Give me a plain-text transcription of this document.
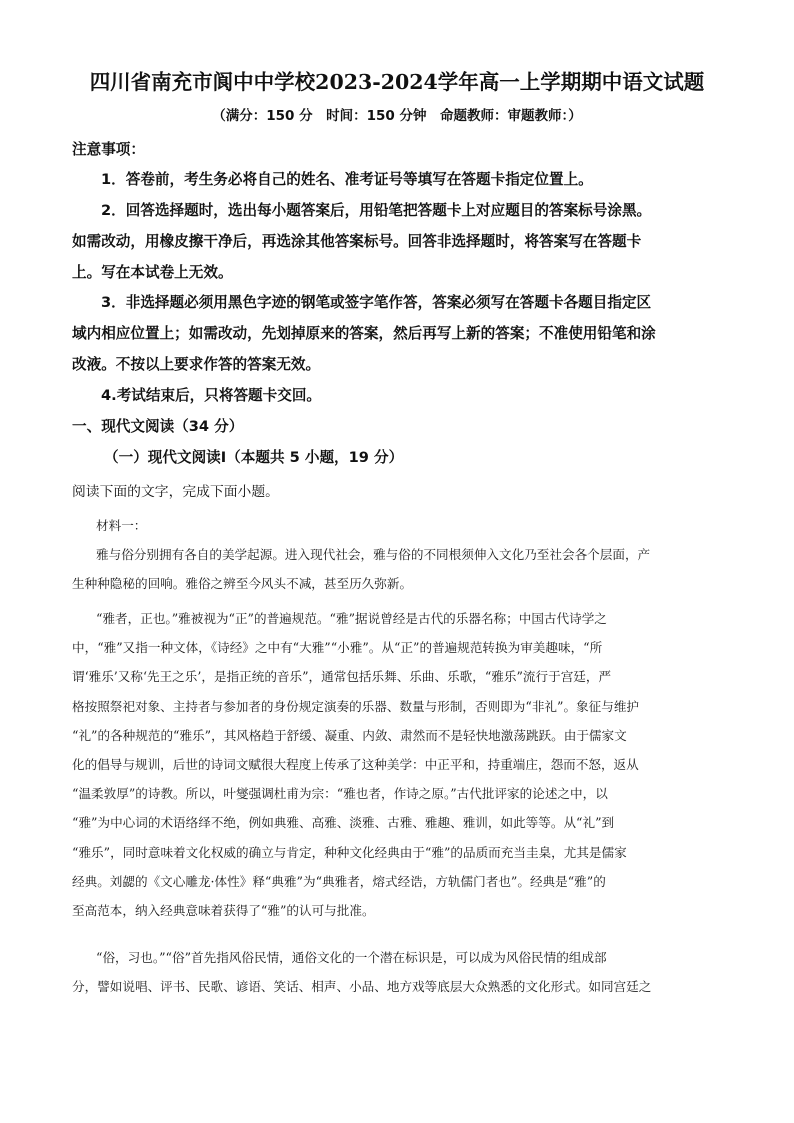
四川省南充市阆中中学校2023-2024学年高一上学期期中语文试题
（满分：150 分　时间：150 分钟　命题教师：审题教师：）
注意事项：
1．答卷前，考生务必将自己的姓名、准考证号等填写在答题卡指定位置上。
2．回答选择题时，选出每小题答案后，用铅笔把答题卡上对应题目的答案标号涂黑。
如需改动，用橡皮擦干净后，再选涂其他答案标号。回答非选择题时，将答案写在答题卡
上。写在本试卷上无效。
3．非选择题必须用黑色字迹的钢笔或签字笔作答，答案必须写在答题卡各题目指定区
域内相应位置上；如需改动，先划掉原来的答案，然后再写上新的答案；不准使用铅笔和涂
改液。不按以上要求作答的答案无效。
4.考试结束后，只将答题卡交回。
一、现代文阅读（34 分）
（一）现代文阅读Ⅰ（本题共 5 小题，19 分）
阅读下面的文字，完成下面小题。
材料一：
雅与俗分别拥有各自的美学起源。进入现代社会，雅与俗的不同根须伸入文化乃至社会各个层面，产
生种种隐秘的回响。雅俗之辨至今风头不减，甚至历久弥新。
“雅者，正也。”雅被视为“正”的普遍规范。“雅”据说曾经是古代的乐器名称；中国古代诗学之
中，“雅”又指一种文体，《诗经》之中有“大雅”“小雅”。从“正”的普遍规范转换为审美趣味，“所
谓‘雅乐’又称‘先王之乐’，是指正统的音乐”，通常包括乐舞、乐曲、乐歌，“雅乐”流行于宫廷，严
格按照祭祀对象、主持者与参加者的身份规定演奏的乐器、数量与形制，否则即为“非礼”。象征与维护
“礼”的各种规范的“雅乐”，其风格趋于舒缓、凝重、内敛、肃然而不是轻快地激荡跳跃。由于儒家文
化的倡导与规训，后世的诗词文赋很大程度上传承了这种美学：中正平和，持重端庄，怨而不怒，返从
“温柔敦厚”的诗教。所以，叶燮强调杜甫为宗：“雅也者，作诗之原。”古代批评家的论述之中，以
“雅”为中心词的术语络绎不绝，例如典雅、高雅、淡雅、古雅、雅趣、雅训，如此等等。从“礼”到
“雅乐”，同时意味着文化权威的确立与肯定，种种文化经典由于“雅”的品质而充当圭臬，尤其是儒家
经典。刘勰的《文心雕龙·体性》释“典雅”为“典雅者，熔式经诰，方轨儒门者也”。经典是“雅”的
至高范本，纳入经典意味着获得了“雅”的认可与批准。
“俗，习也。”“俗”首先指风俗民情，通俗文化的一个潜在标识是，可以成为风俗民情的组成部
分，譬如说唱、评书、民歌、谚语、笑话、相声、小品、地方戏等底层大众熟悉的文化形式。如同宫廷之
